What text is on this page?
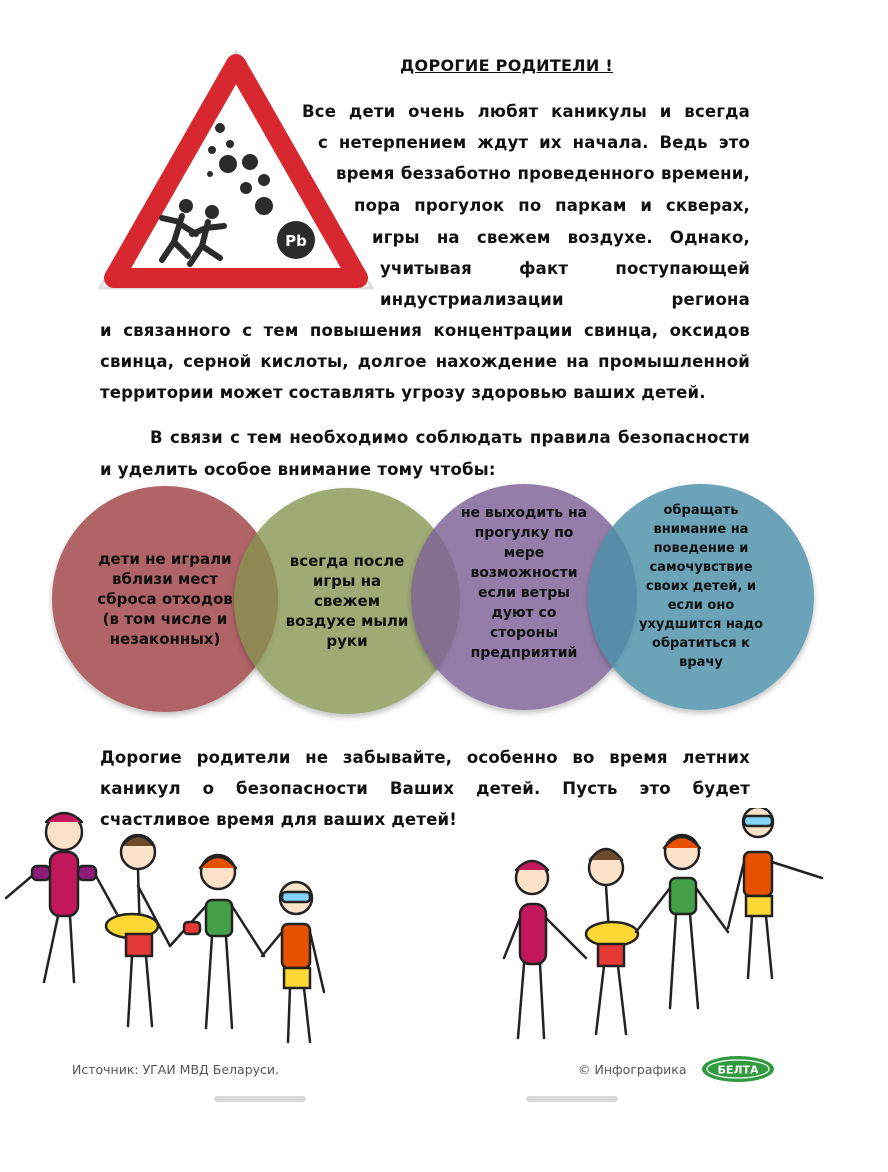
Pb
ДОРОГИЕ РОДИТЕЛИ !
Все дети очень любят каникулы и всегда
с нетерпением ждут их начала. Ведь это
время беззаботно проведенного времени,
пора прогулок по паркам и скверах,
игры на свежем воздухе. Однако,
учитывая факт поступающей
индустриализации региона
и связанного с тем повышения концентрации свинца, оксидов
свинца, серной кислоты, долгое нахождение на промышленной
территории может составлять угрозу здоровью ваших детей.
В связи с тем необходимо соблюдать правила безопасности
и уделить особое внимание тому чтобы:
дети не играли вблизи мест сброса отходов (в том числе и незаконных)
всегда после игры на свежем воздухе мыли руки
не выходить на прогулку по мере возможности если ветры дуют со стороны предприятий
обращать внимание на поведение и самочувствие своих детей, и если оно ухудшится надо обратиться к врачу
Дорогие родители не забывайте, особенно во время летних
каникул о безопасности Ваших детей. Пусть это будет
счастливое время для ваших детей!
Источник: УГАИ МВД Беларуси.	© Инфографика	БЕЛТА
